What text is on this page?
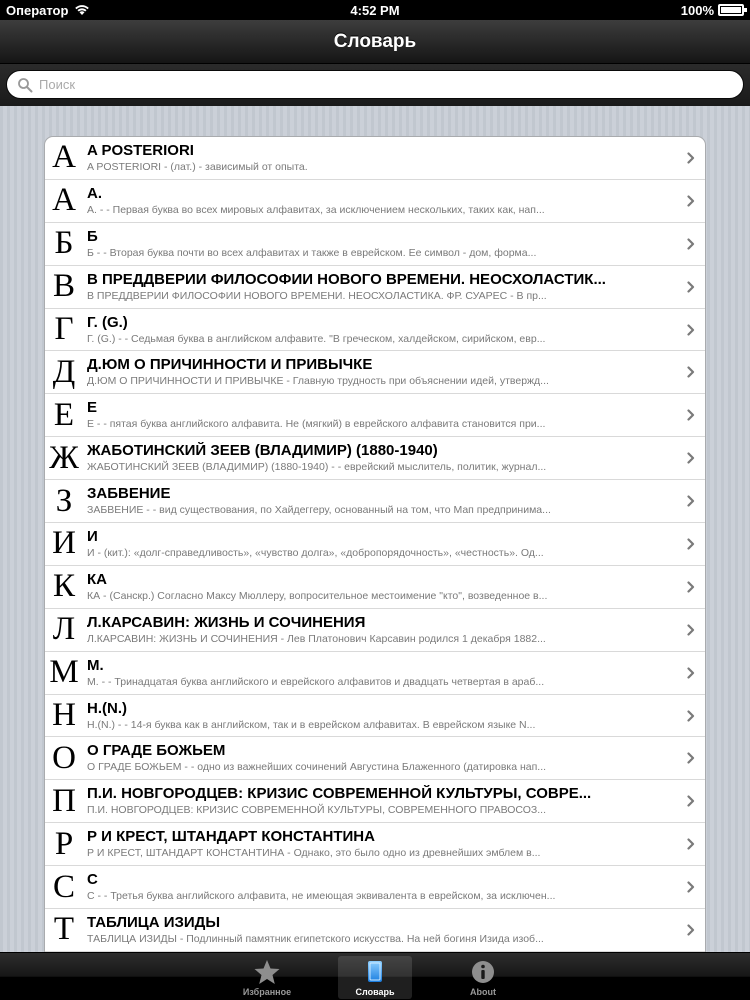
Оператор	4:52 PM	100%
Словарь
Поиск
A A POSTERIORI
A POSTERIORI - (лат.) - зависимый от опыта.
А А.
А. - - Первая буква во всех мировых алфавитах, за исключением нескольких, таких как, нап...
Б Б
Б - - Вторая буква почти во всех алфавитах и также в еврейском. Ее символ - дом, форма...
В В ПРЕДДВЕРИИ ФИЛОСОФИИ НОВОГО ВРЕМЕНИ. НЕОСХОЛАСТИК...
В ПРЕДДВЕРИИ ФИЛОСОФИИ НОВОГО ВРЕМЕНИ. НЕОСХОЛАСТИКА. ФР. СУАРЕС - В пр...
Г Г. (G.)
Г. (G.) - - Седьмая буква в английском алфавите. "В греческом, халдейском, сирийском, евр...
Д Д.ЮМ О ПРИЧИННОСТИ И ПРИВЫЧКЕ
Д.ЮМ О ПРИЧИННОСТИ И ПРИВЫЧКЕ - Главную трудность при объяснении идей, утвержд...
Е Е
Е - - пятая буква английского алфавита. Не (мягкий) в еврейского алфавита становится при...
Ж ЖАБОТИНСКИЙ ЗЕЕВ (ВЛАДИМИР) (1880-1940)
ЖАБОТИНСКИЙ ЗЕЕВ (ВЛАДИМИР) (1880-1940) - - еврейский мыслитель, политик, журнал...
З ЗАБВЕНИЕ
ЗАБВЕНИЕ - - вид существования, по Хайдеггеру, основанный на том, что Мап предпринима...
И И
И - (кит.): «долг-справедливость», «чувство долга», «добропорядочность», «честность». Од...
К КА
КА - (Санскр.) Согласно Максу Мюллеру, вопросительное местоимение "кто", возведенное в...
Л Л.КАРСАВИН: ЖИЗНЬ И СОЧИНЕНИЯ
Л.КАРСАВИН: ЖИЗНЬ И СОЧИНЕНИЯ - Лев Платонович Карсавин родился 1 декабря 1882...
М М.
М. - - Тринадцатая буква английского и еврейского алфавитов и двадцать четвертая в араб...
Н Н.(N.)
Н.(N.) - - 14-я буква как в английском, так и в еврейском алфавитах. В еврейском языке N...
О О ГРАДЕ БОЖЬЕМ
О ГРАДЕ БОЖЬЕМ - - одно из важнейших сочинений Августина Блаженного (датировка нап...
П П.И. НОВГОРОДЦЕВ: КРИЗИС СОВРЕМЕННОЙ КУЛЬТУРЫ, СОВРЕ...
П.И. НОВГОРОДЦЕВ: КРИЗИС СОВРЕМЕННОЙ КУЛЬТУРЫ, СОВРЕМЕННОГО ПРАВОСОЗ...
Р Р И КРЕСТ, ШТАНДАРТ КОНСТАНТИНА
Р И КРЕСТ, ШТАНДАРТ КОНСТАНТИНА - Однако, это было одно из древнейших эмблем в...
С С
С - - Третья буква английского алфавита, не имеющая эквивалента в еврейском, за исключен...
Т ТАБЛИЦА ИЗИДЫ
ТАБЛИЦА ИЗИДЫ - Подлинный памятник египетского искусства. На ней богиня Изида изоб...
Избранное	Словарь	About
